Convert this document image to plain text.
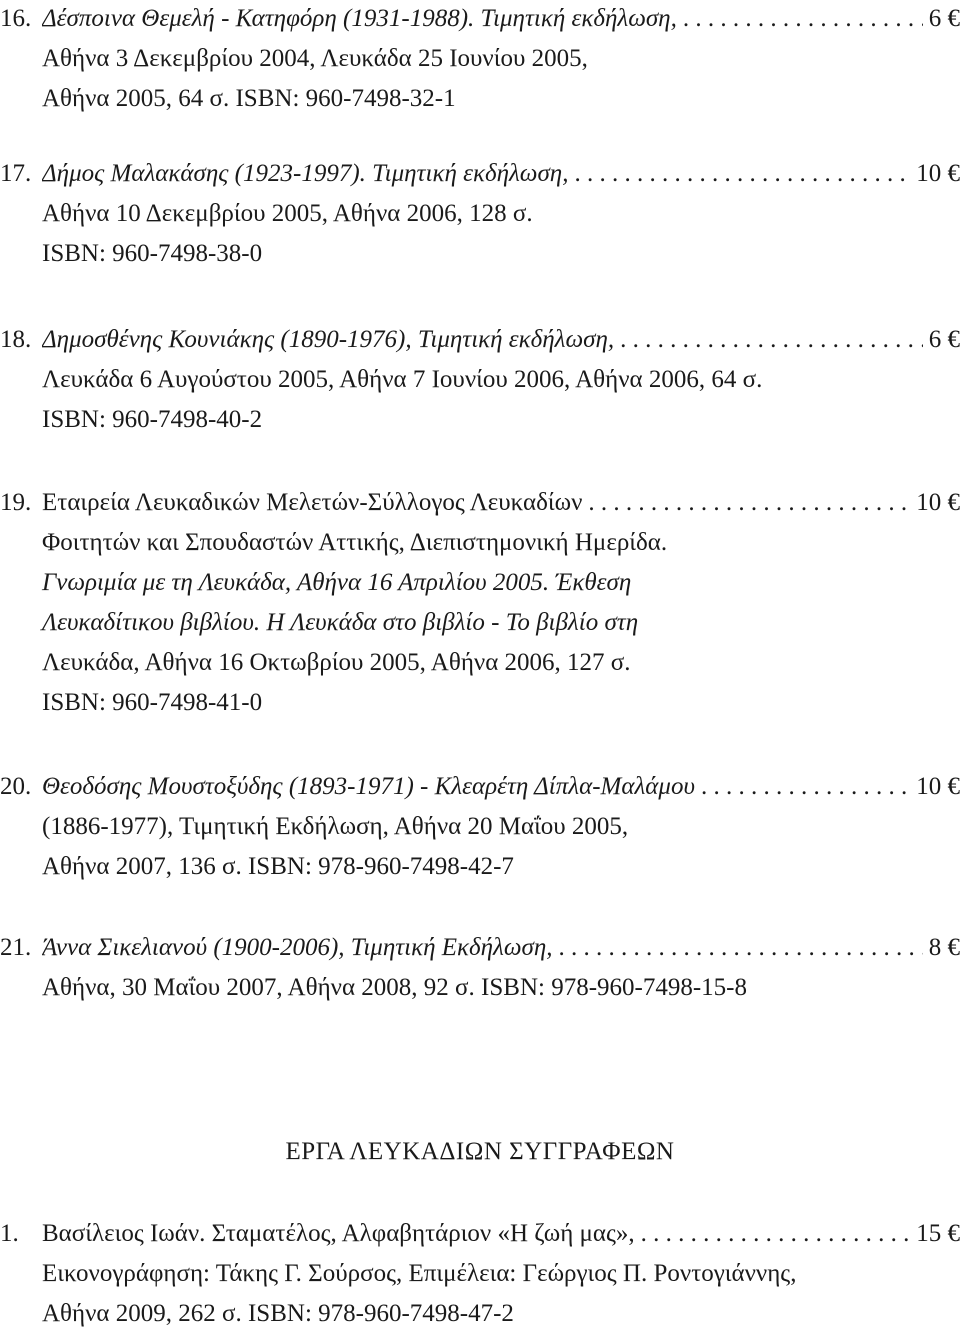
16. Δέσποινα Θεμελή - Κατηφόρη (1931-1988). Τιμητική εκδήλωση, . . .	6 €
Αθήνα 3 Δεκεμβρίου 2004, Λευκάδα 25 Ιουνίου 2005,
Αθήνα 2005, 64 σ. ISBN: 960-7498-32-1
17. Δήμος Μαλακάσης (1923-1997). Τιμητική εκδήλωση, . . .	10 €
Αθήνα 10 Δεκεμβρίου 2005, Αθήνα 2006, 128 σ.
ISBN: 960-7498-38-0
18. Δημοσθένης Κουνιάκης (1890-1976), Τιμητική εκδήλωση, . . .	6 €
Λευκάδα 6 Αυγούστου 2005, Αθήνα 7 Ιουνίου 2006, Αθήνα 2006, 64 σ.
ISBN: 960-7498-40-2
19. Εταιρεία Λευκαδικών Μελετών-Σύλλογος Λευκαδίων . . .	10 €
Φοιτητών και Σπουδαστών Αττικής, Διεπιστημονική Ημερίδα.
Γνωριμία με τη Λευκάδα, Αθήνα 16 Απριλίου 2005. Έκθεση
Λευκαδίτικου βιβλίου. Η Λευκάδα στο βιβλίο - Το βιβλίο στη
Λευκάδα, Αθήνα 16 Οκτωβρίου 2005, Αθήνα 2006, 127 σ.
ISBN: 960-7498-41-0
20. Θεοδόσης Μουστοξύδης (1893-1971) - Κλεαρέτη Δίπλα-Μαλάμου . . .	10 €
(1886-1977), Τιμητική Εκδήλωση, Αθήνα 20 Μαΐου 2005,
Αθήνα 2007, 136 σ. ISBN: 978-960-7498-42-7
21. Άννα Σικελιανού (1900-2006), Τιμητική Εκδήλωση, . . .	8 €
Αθήνα, 30 Μαΐου 2007, Αθήνα 2008, 92 σ. ISBN: 978-960-7498-15-8
ΕΡΓΑ ΛΕΥΚΑΔΙΩΝ ΣΥΓΓΡΑΦΕΩΝ
1. Βασίλειος Ιωάν. Σταματέλος, Αλφαβητάριον «Η ζωή μας», . . .	15 €
Εικονογράφηση: Τάκης Γ. Σούρσος, Επιμέλεια: Γεώργιος Π. Ροντογιάννης,
Αθήνα 2009, 262 σ. ISBN: 978-960-7498-47-2
